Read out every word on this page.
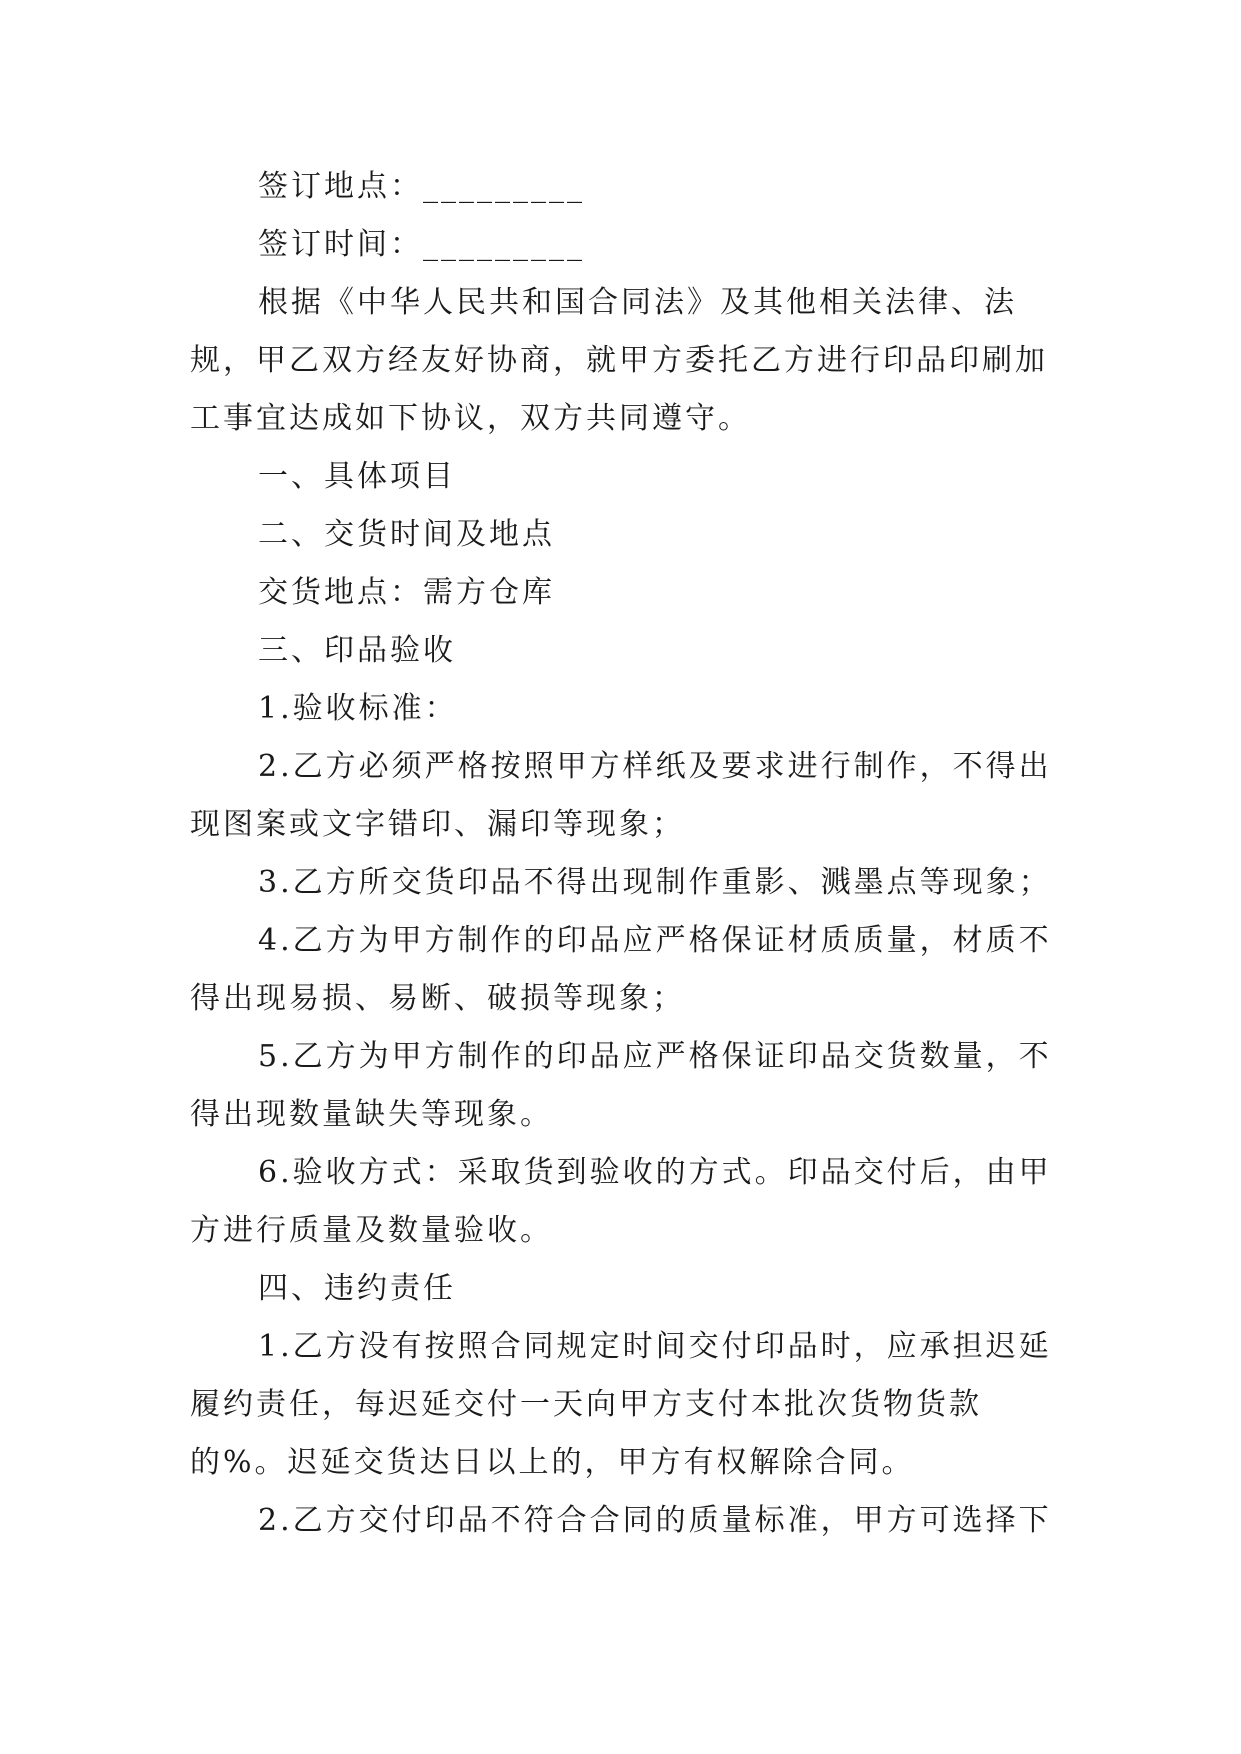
签订地点：_________

签订时间：_________

根据《中华人民共和国合同法》及其他相关法律、法规，甲乙双方经友好协商，就甲方委托乙方进行印品印刷加工事宜达成如下协议，双方共同遵守。

一、具体项目

二、交货时间及地点

交货地点：需方仓库

三、印品验收

1.验收标准：

2.乙方必须严格按照甲方样纸及要求进行制作，不得出现图案或文字错印、漏印等现象；

3.乙方所交货印品不得出现制作重影、溅墨点等现象；

4.乙方为甲方制作的印品应严格保证材质质量，材质不得出现易损、易断、破损等现象；

5.乙方为甲方制作的印品应严格保证印品交货数量，不得出现数量缺失等现象。

6.验收方式：采取货到验收的方式。印品交付后，由甲方进行质量及数量验收。

四、违约责任

1.乙方没有按照合同规定时间交付印品时，应承担迟延履约责任，每迟延交付一天向甲方支付本批次货物货款的%。迟延交货达日以上的，甲方有权解除合同。

2.乙方交付印品不符合合同的质量标准，甲方可选择下
